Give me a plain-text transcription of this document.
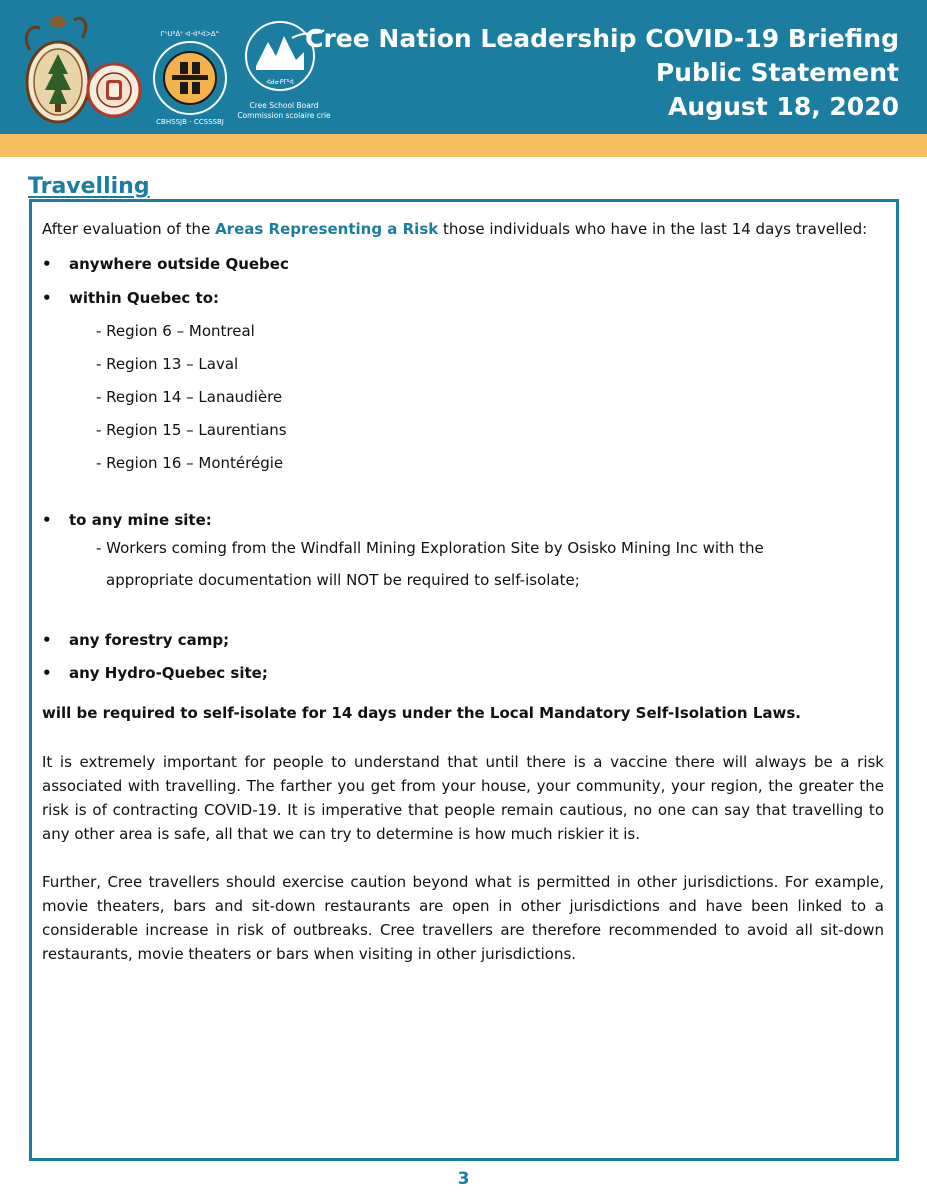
ᒋᔅᑌᐦᐄᐤ ᐊᐧᐋᐦᐋᐳᐃᓐ
CBHSSJB - CCSSSBJ
ᐋᑯᓂᑭᒥᐦᐋ
Cree School Board
Commission scolaire crie
Cree Nation Leadership COVID-19 Briefing
Public Statement
August 18, 2020
Travelling

After evaluation of the Areas Representing a Risk those individuals who have in the last 14 days travelled:

• anywhere outside Quebec
• within Quebec to:

- Region 6 – Montreal

- Region 13 – Laval

- Region 14 – Lanaudière

- Region 15 – Laurentians

- Region 16 – Montérégie

• to any mine site:
- Workers coming from the Windfall Mining Exploration Site by Osisko Mining Inc with the
appropriate documentation will NOT be required to self-isolate;
• any forestry camp;
• any Hydro-Quebec site;

will be required to self-isolate for 14 days under the Local Mandatory Self-Isolation Laws.

It is extremely important for people to understand that until there is a vaccine there will always be a risk associated with travelling. The farther you get from your house, your community, your region, the greater the risk is of contracting COVID-19. It is imperative that people remain cautious, no one can say that travelling to any other area is safe, all that we can try to determine is how much riskier it is.

Further, Cree travellers should exercise caution beyond what is permitted in other jurisdictions. For example, movie theaters, bars and sit-down restaurants are open in other jurisdictions and have been linked to a considerable increase in risk of outbreaks. Cree travellers are therefore recommended to avoid all sit-down restaurants, movie theaters or bars when visiting in other jurisdictions.

3
